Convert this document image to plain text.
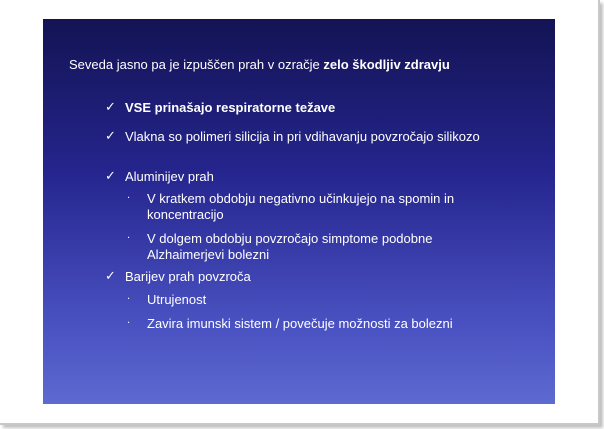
Seveda jasno pa je izpuščen prah v ozračje zelo škodljiv zdravju
✓ VSE prinašajo respiratorne težave
✓ Vlakna so polimeri silicija in pri vdihavanju povzročajo silikozo
✓ Aluminijev prah
· V kratkem obdobju negativno učinkujejo na spomin in
koncentracijo
· V dolgem obdobju povzročajo simptome podobne
Alzhaimerjevi bolezni
✓ Barijev prah povzroča
· Utrujenost
· Zavira imunski sistem / povečuje možnosti za bolezni
